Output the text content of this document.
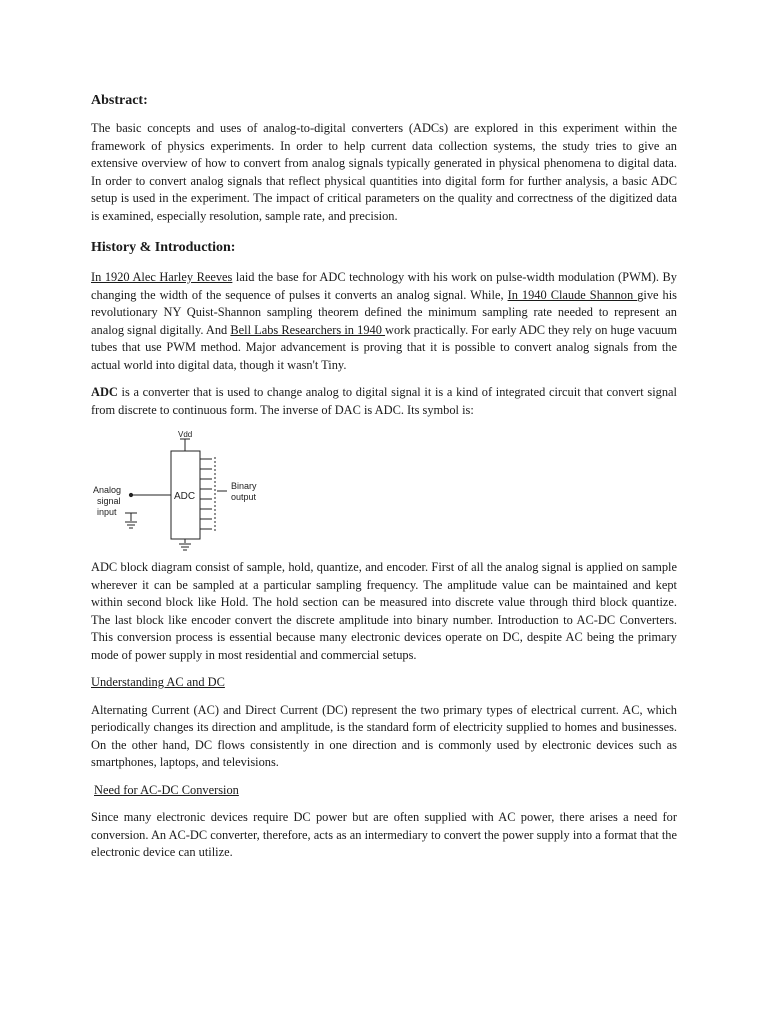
Abstract:

The basic concepts and uses of analog-to-digital converters (ADCs) are explored in this experiment within the framework of physics experiments. In order to help current data collection systems, the study tries to give an extensive overview of how to convert from analog signals typically generated in physical phenomena to digital data. In order to convert analog signals that reflect physical quantities into digital form for further analysis, a basic ADC setup is used in the experiment. The impact of critical parameters on the quality and correctness of the digitized data is examined, especially resolution, sample rate, and precision.

History & Introduction:

In 1920 Alec Harley Reeves laid the base for ADC technology with his work on pulse-width modulation (PWM). By changing the width of the sequence of pulses it converts an analog signal. While, In 1940 Claude Shannon give his revolutionary NY Quist-Shannon sampling theorem defined the minimum sampling rate needed to represent an analog signal digitally. And Bell Labs Researchers in 1940 work practically. For early ADC they rely on huge vacuum tubes that use PWM method. Major advancement is proving that it is possible to convert analog signals from the actual world into digital data, though it wasn't Tiny.

ADC is a converter that is used to change analog to digital signal it is a kind of integrated circuit that convert signal from discrete to continuous form. The inverse of DAC is ADC. Its symbol is:

Vdd
ADC
Binary
output
Analog
signal
input

ADC block diagram consist of sample, hold, quantize, and encoder. First of all the analog signal is applied on sample wherever it can be sampled at a particular sampling frequency. The amplitude value can be maintained and kept within second block like Hold. The hold section can be measured into discrete value through third block quantize. The last block like encoder convert the discrete amplitude into binary number. Introduction to AC-DC Converters. This conversion process is essential because many electronic devices operate on DC, despite AC being the primary mode of power supply in most residential and commercial setups.

Understanding AC and DC

Alternating Current (AC) and Direct Current (DC) represent the two primary types of electrical current. AC, which periodically changes its direction and amplitude, is the standard form of electricity supplied to homes and businesses. On the other hand, DC flows consistently in one direction and is commonly used by electronic devices such as smartphones, laptops, and televisions.

Need for AC-DC Conversion

Since many electronic devices require DC power but are often supplied with AC power, there arises a need for conversion. An AC-DC converter, therefore, acts as an intermediary to convert the power supply into a format that the electronic device can utilize.
